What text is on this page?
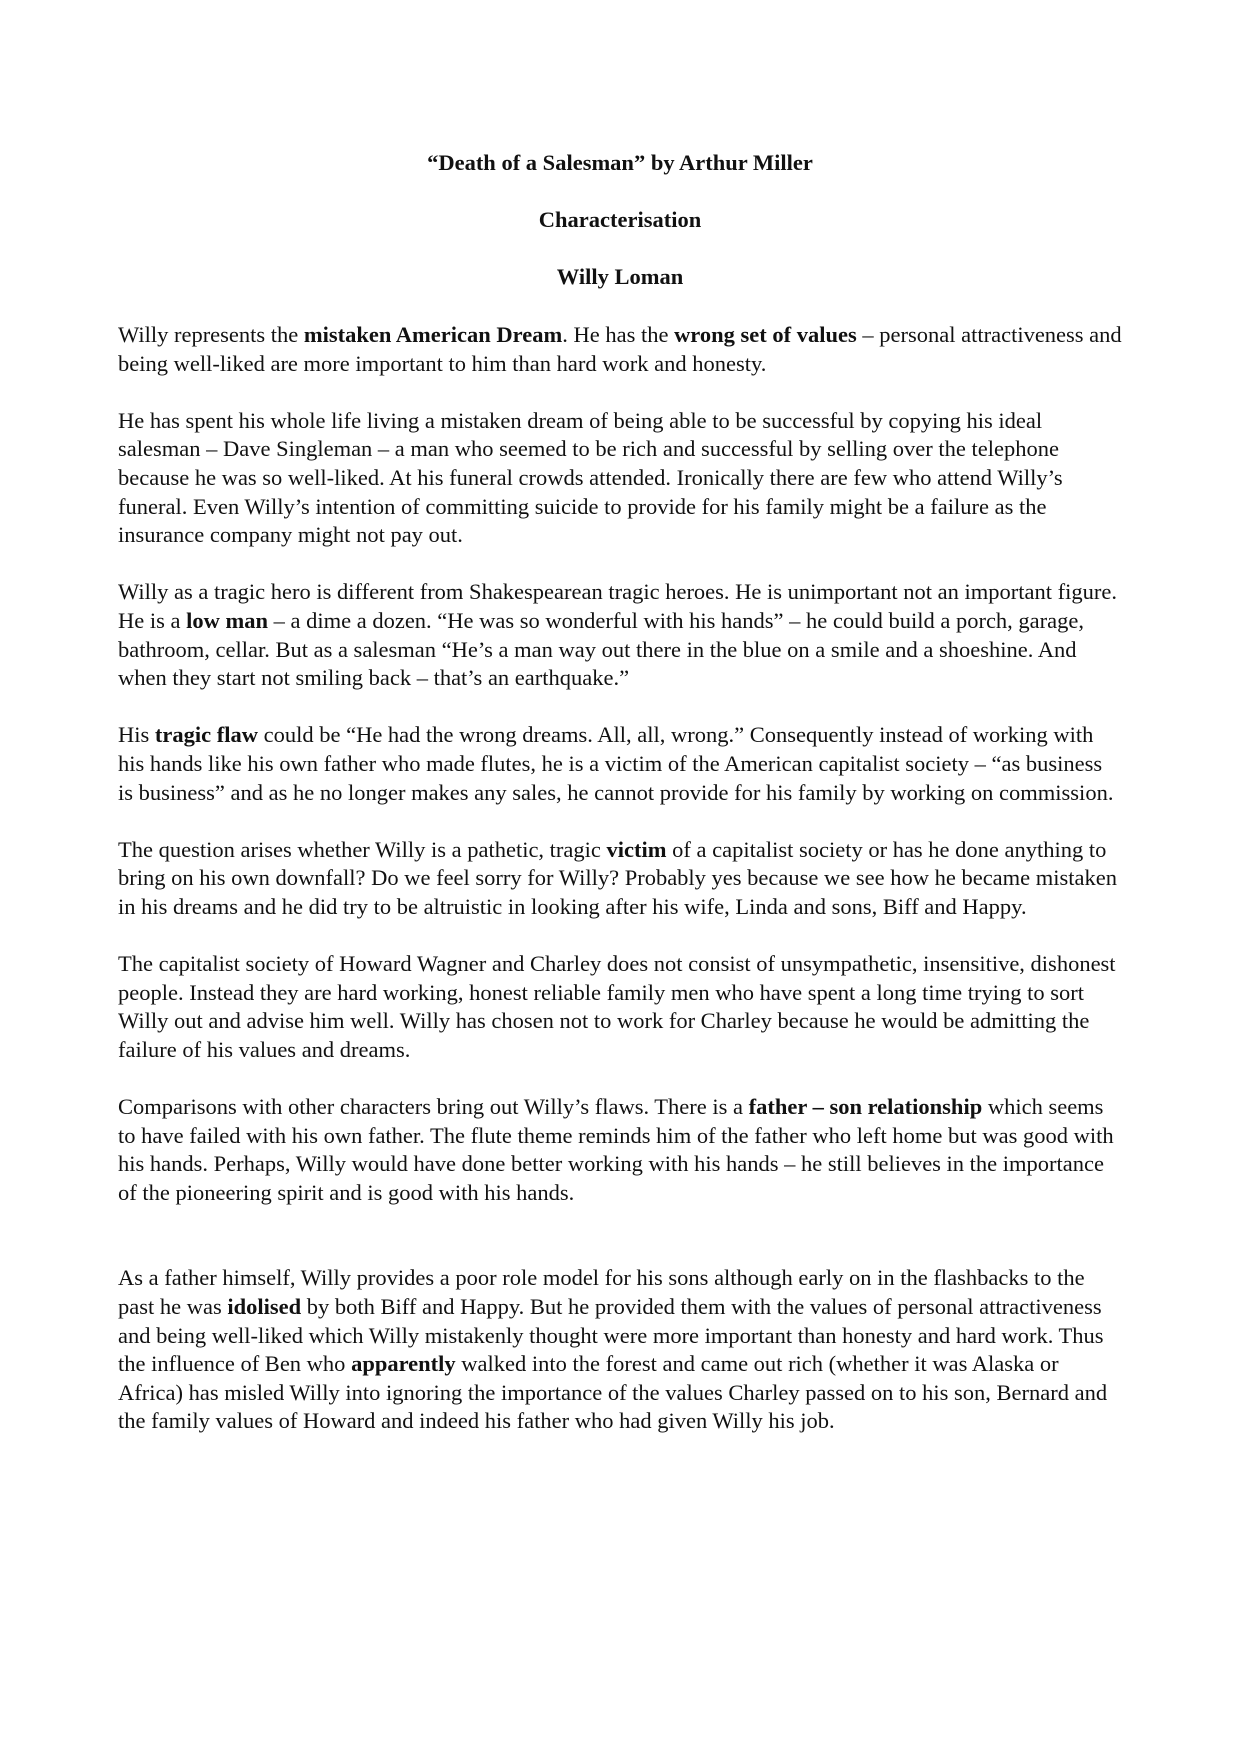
“Death of a Salesman” by Arthur Miller
Characterisation
Willy Loman

Willy represents the mistaken American Dream. He has the wrong set of values – personal attractiveness and being well-liked are more important to him than hard work and honesty.

He has spent his whole life living a mistaken dream of being able to be successful by copying his ideal salesman – Dave Singleman – a man who seemed to be rich and successful by selling over the telephone because he was so well-liked. At his funeral crowds attended. Ironically there are few who attend Willy’s funeral. Even Willy’s intention of committing suicide to provide for his family might be a failure as the insurance company might not pay out.

Willy as a tragic hero is different from Shakespearean tragic heroes. He is unimportant not an important figure. He is a low man – a dime a dozen. “He was so wonderful with his hands” – he could build a porch, garage, bathroom, cellar. But as a salesman “He’s a man way out there in the blue on a smile and a shoeshine. And when they start not smiling back – that’s an earthquake.”

His tragic flaw could be “He had the wrong dreams. All, all, wrong.” Consequently instead of working with his hands like his own father who made flutes, he is a victim of the American capitalist society – “as business is business” and as he no longer makes any sales, he cannot provide for his family by working on commission.

The question arises whether Willy is a pathetic, tragic victim of a capitalist society or has he done anything to bring on his own downfall? Do we feel sorry for Willy? Probably yes because we see how he became mistaken in his dreams and he did try to be altruistic in looking after his wife, Linda and sons, Biff and Happy.

The capitalist society of Howard Wagner and Charley does not consist of unsympathetic, insensitive, dishonest people. Instead they are hard working, honest reliable family men who have spent a long time trying to sort Willy out and advise him well. Willy has chosen not to work for Charley because he would be admitting the failure of his values and dreams.

Comparisons with other characters bring out Willy’s flaws. There is a father – son relationship which seems to have failed with his own father. The flute theme reminds him of the father who left home but was good with his hands. Perhaps, Willy would have done better working with his hands – he still believes in the importance of the pioneering spirit and is good with his hands.

As a father himself, Willy provides a poor role model for his sons although early on in the flashbacks to the past he was idolised by both Biff and Happy. But he provided them with the values of personal attractiveness and being well-liked which Willy mistakenly thought were more important than honesty and hard work. Thus the influence of Ben who apparently walked into the forest and came out rich (whether it was Alaska or Africa) has misled Willy into ignoring the importance of the values Charley passed on to his son, Bernard and the family values of Howard and indeed his father who had given Willy his job.
